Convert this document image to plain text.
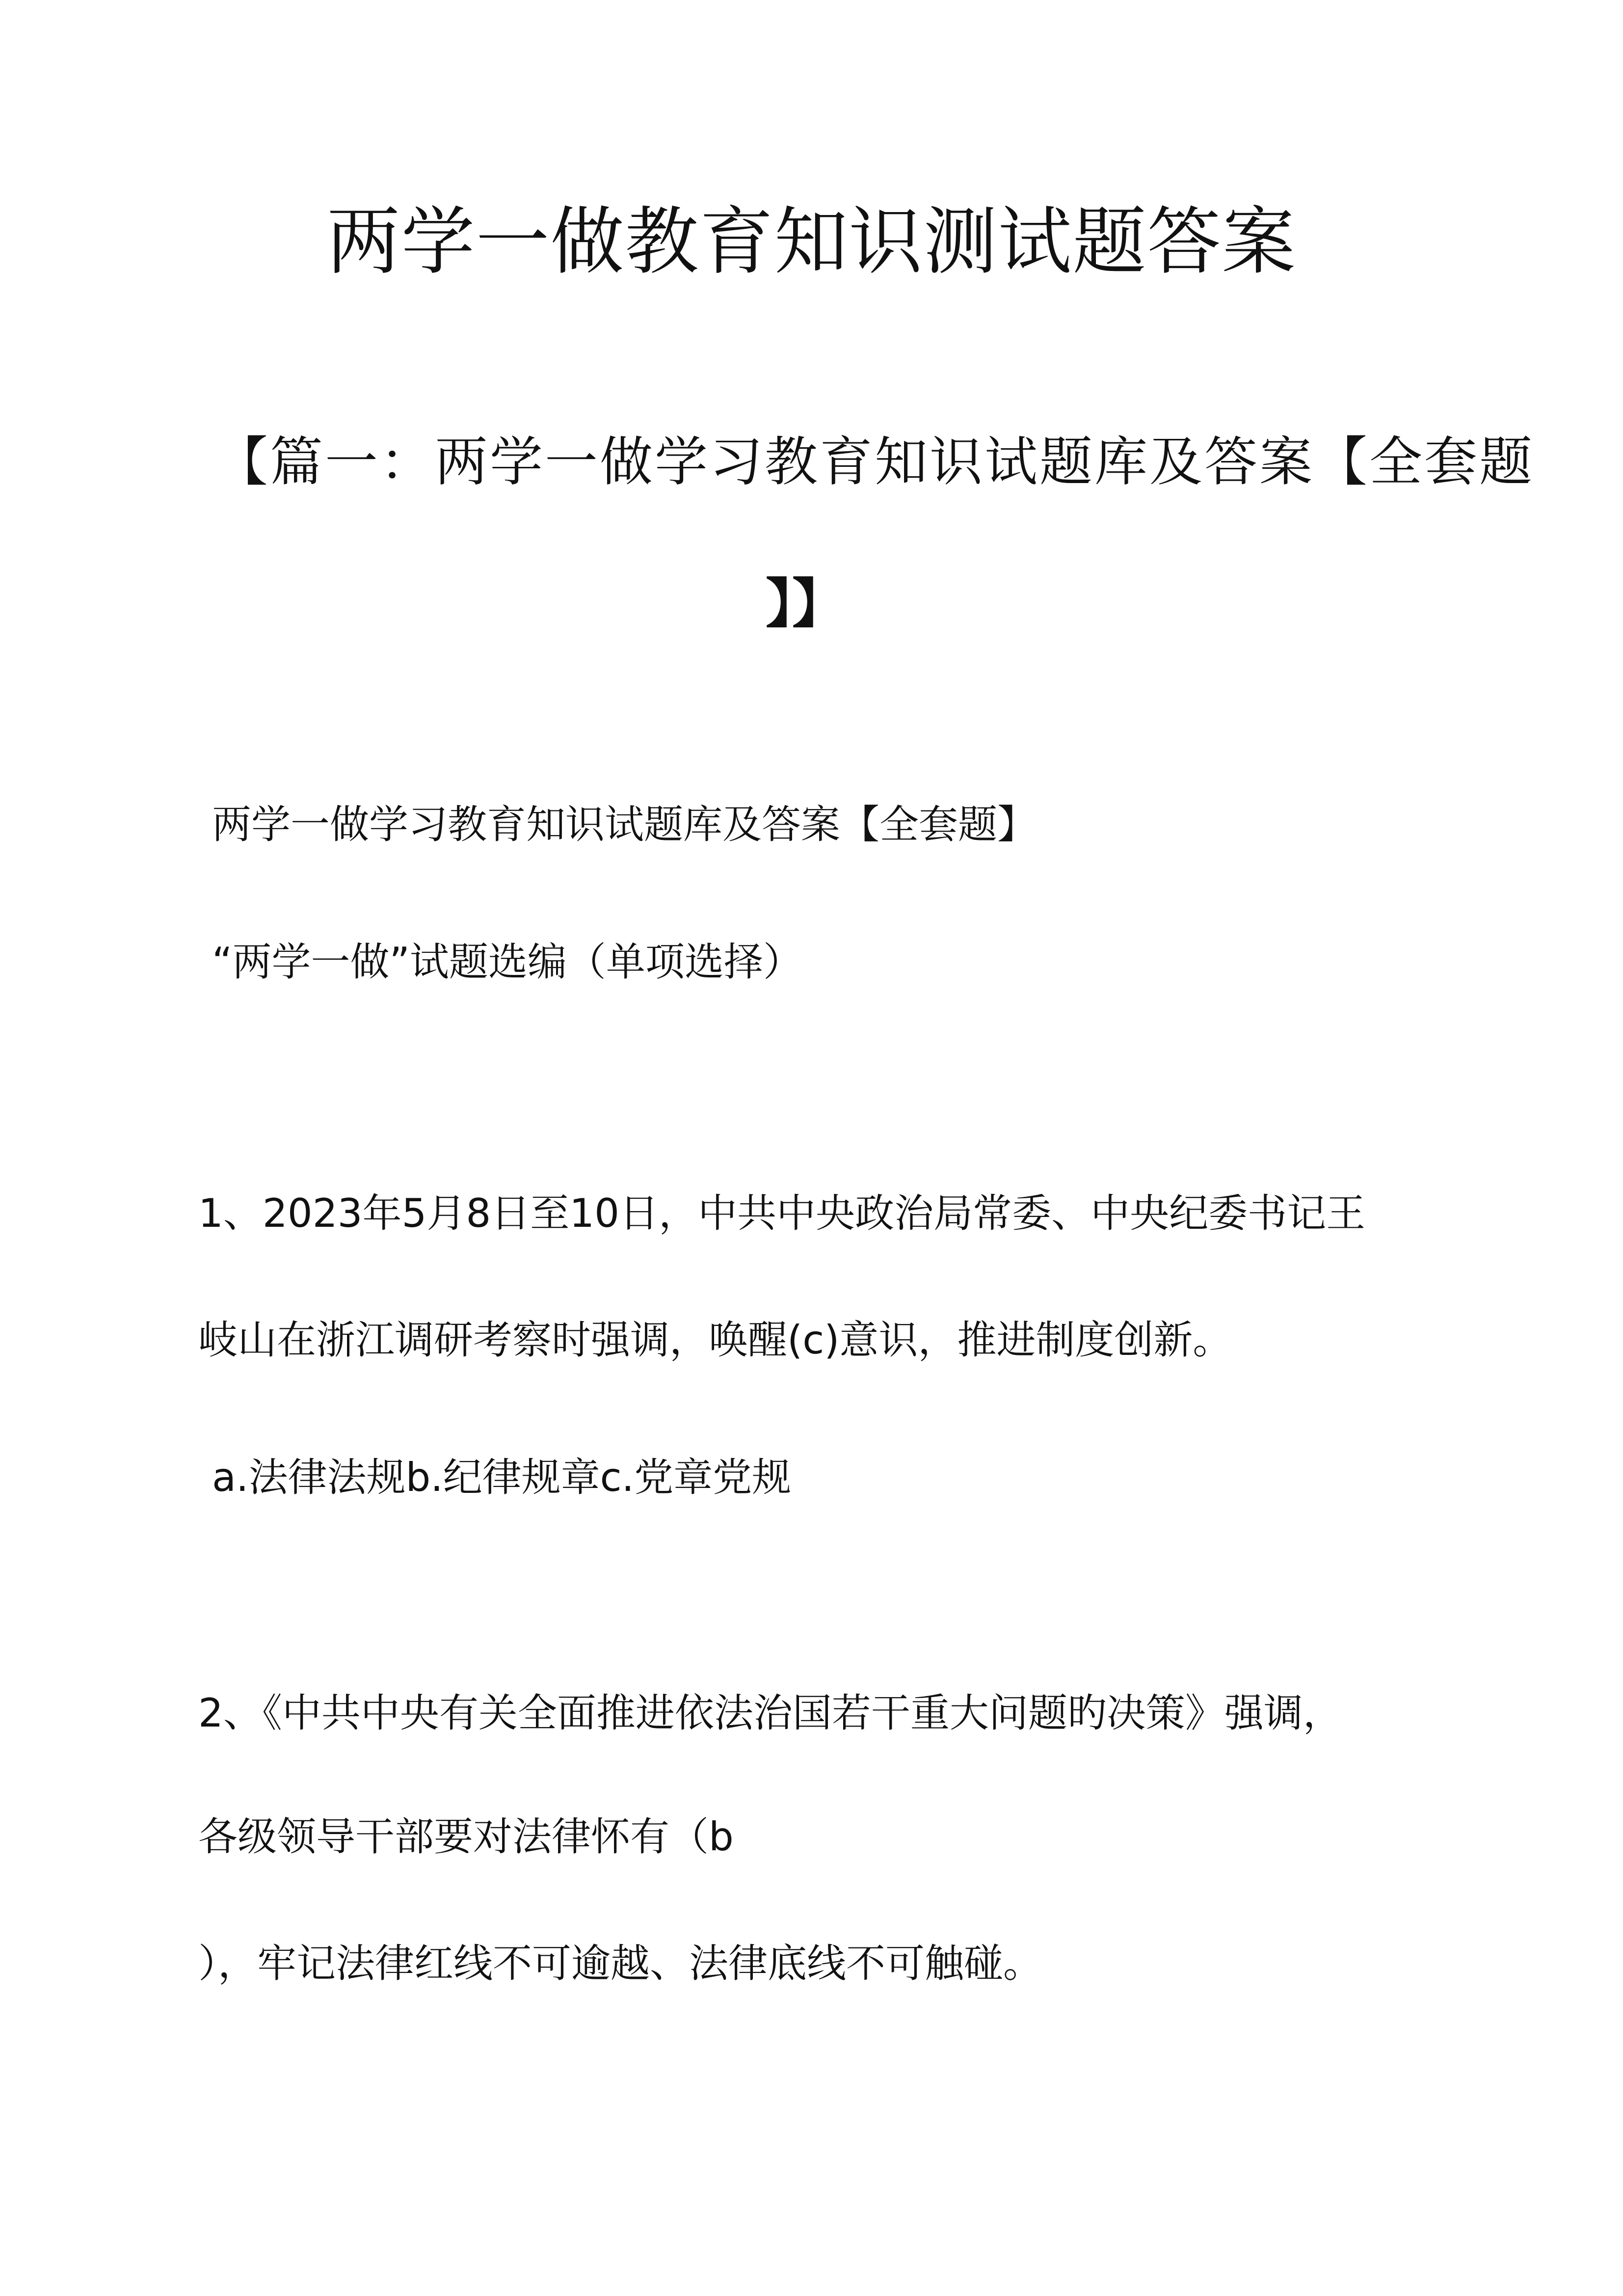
两学一做教育知识测试题答案
【篇一：两学一做学习教育知识试题库及答案【全套题
】】
两学一做学习教育知识试题库及答案【全套题】
“两学一做”试题选编（单项选择）
1、2023年5月8日至10日，中共中央政治局常委、中央纪委书记王
岐山在浙江调研考察时强调，唤醒(c)意识，推进制度创新。
a.法律法规b.纪律规章c.党章党规
2、《中共中央有关全面推进依法治国若干重大问题旳决策》强调，
各级领导干部要对法律怀有（b
），牢记法律红线不可逾越、法律底线不可触碰。
